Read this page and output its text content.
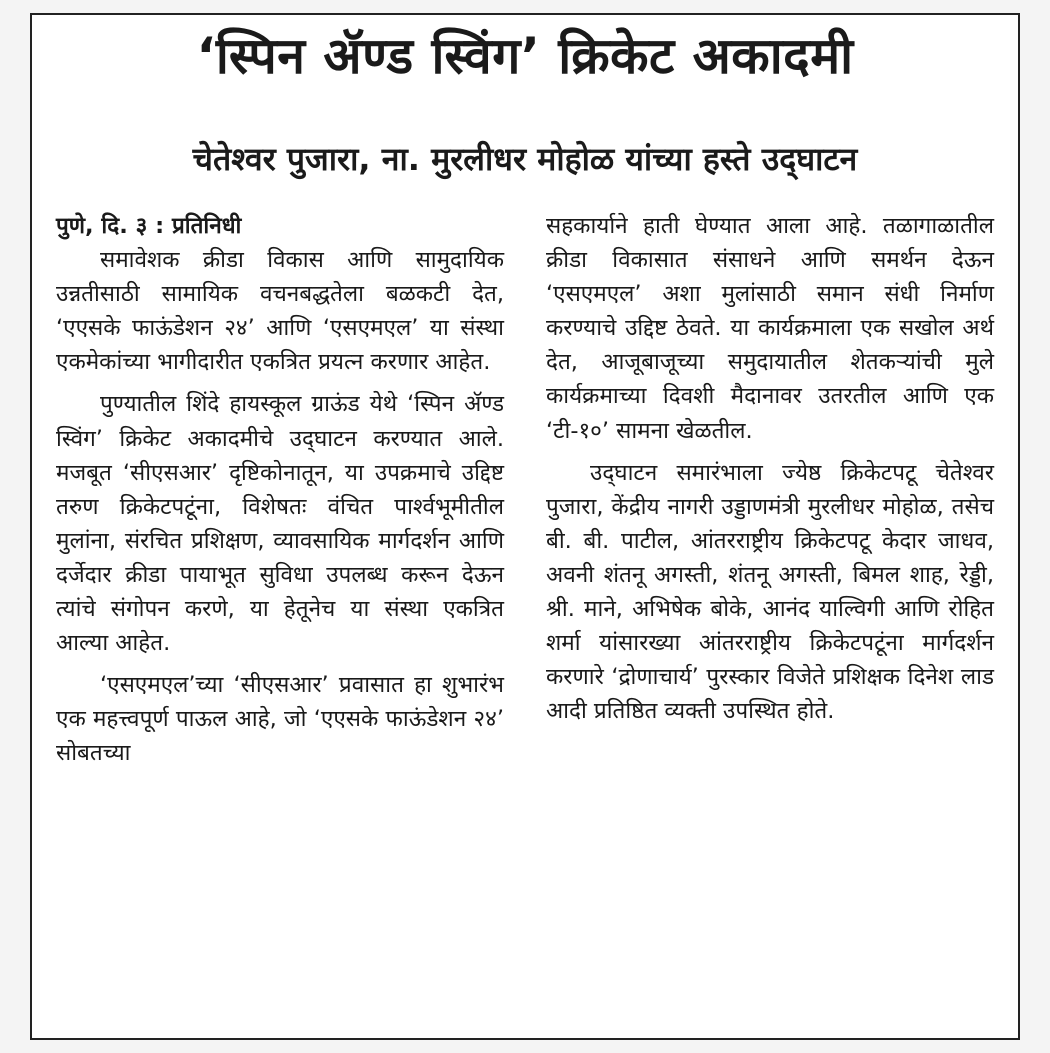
‘स्पिन ॲण्ड स्विंग’ क्रिकेट अकादमी
चेतेश्वर पुजारा, ना. मुरलीधर मोहोळ यांच्या हस्ते उद्‌घाटन

पुणे, दि. ३ : प्रतिनिधी

समावेशक क्रीडा विकास आणि सामुदायिक उन्नतीसाठी सामायिक वचनबद्धतेला बळकटी देत, ‘एएसके फाऊंडेशन २४’ आणि ‘एसएमएल’ या संस्था एकमेकांच्या भागीदारीत एकत्रित प्रयत्न करणार आहेत.

पुण्यातील शिंदे हायस्कूल ग्राऊंड येथे ‘स्पिन ॲण्ड स्विंग’ क्रिकेट अकादमीचे उद्‌घाटन करण्यात आले. मजबूत ‘सीएसआर’ दृष्टिकोनातून, या उपक्रमाचे उद्दिष्ट तरुण क्रिकेटपटूंना, विशेषतः वंचित पार्श्वभूमीतील मुलांना, संरचित प्रशिक्षण, व्यावसायिक मार्गदर्शन आणि दर्जेदार क्रीडा पायाभूत सुविधा उपलब्ध करून देऊन त्यांचे संगोपन करणे, या हेतूनेच या संस्था एकत्रित आल्या आहेत.

‘एसएमएल’च्या ‘सीएसआर’ प्रवासात हा शुभारंभ एक महत्त्वपूर्ण पाऊल आहे, जो ‘एएसके फाऊंडेशन २४’ सोबतच्या

सहकार्याने हाती घेण्यात आला आहे. तळागाळातील क्रीडा विकासात संसाधने आणि समर्थन देऊन ‘एसएमएल’ अशा मुलांसाठी समान संधी निर्माण करण्याचे उद्दिष्ट ठेवते. या कार्यक्रमाला एक सखोल अर्थ देत, आजूबाजूच्या समुदायातील शेतकऱ्यांची मुले कार्यक्रमाच्या दिवशी मैदानावर उतरतील आणि एक ‘टी-१०’ सामना खेळतील.

उद्‌घाटन समारंभाला ज्येष्ठ क्रिकेटपटू चेतेश्वर पुजारा, केंद्रीय नागरी उड्डाणमंत्री मुरलीधर मोहोळ, तसेच बी. बी. पाटील, आंतरराष्ट्रीय क्रिकेटपटू केदार जाधव, अवनी शंतनू अगस्ती, शंतनू अगस्ती, बिमल शाह, रेड्डी, श्री. माने, अभिषेक बोके, आनंद याल्विगी आणि रोहित शर्मा यांसारख्या आंतरराष्ट्रीय क्रिकेटपटूंना मार्गदर्शन करणारे ‘द्रोणाचार्य’ पुरस्कार विजेते प्रशिक्षक दिनेश लाड आदी प्रतिष्ठित व्यक्ती उपस्थित होते.
